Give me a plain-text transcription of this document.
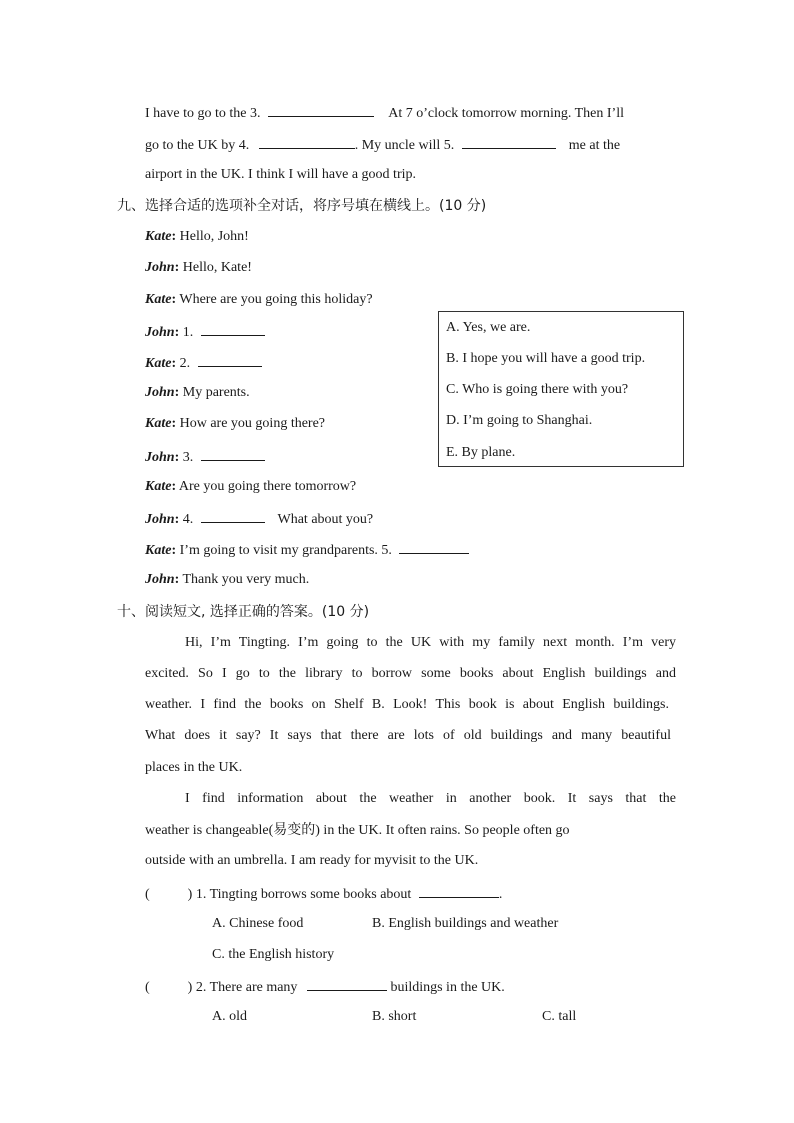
I have to go to the 3.	At 7 o’clock tomorrow morning. Then I’ll
go to the UK by 4.	. My uncle will 5.	me at the
airport in the UK. I think I will have a good trip.
九、选择合适的选项补全对话，将序号填在横线上。(10 分)
Kate: Hello, John!
John: Hello, Kate!
Kate: Where are you going this holiday?
John: 1.
Kate: 2.
John: My parents.
Kate: How are you going there?
John: 3.
Kate: Are you going there tomorrow?
John: 4.	What about you?
Kate: I’m going to visit my grandparents. 5.
John: Thank you very much.
A. Yes, we are.
B. I hope you will have a good trip.
C. Who is going there with you?
D. I’m going to Shanghai.
E. By plane.
十、阅读短文, 选择正确的答案。(10 分)
Hi, I’m Tingting. I’m going to the UK with my family next month. I’m very
excited. So I go to the library to borrow some books about English buildings and
weather. I find the books on Shelf B. Look! This book is about English buildings.
What does it say? It says that there are lots of old buildings and many beautiful
places in the UK.
I find information about the weather in another book. It says that the
weather is changeable(易变的) in the UK. It often rains. So people often go
outside with an umbrella. I am ready for myvisit to the UK.
(	) 1. Tingting borrows some books about	.
A. Chinese food	B. English buildings and weather
C. the English history
(	) 2. There are many	buildings in the UK.
A. old	B. short	C. tall
